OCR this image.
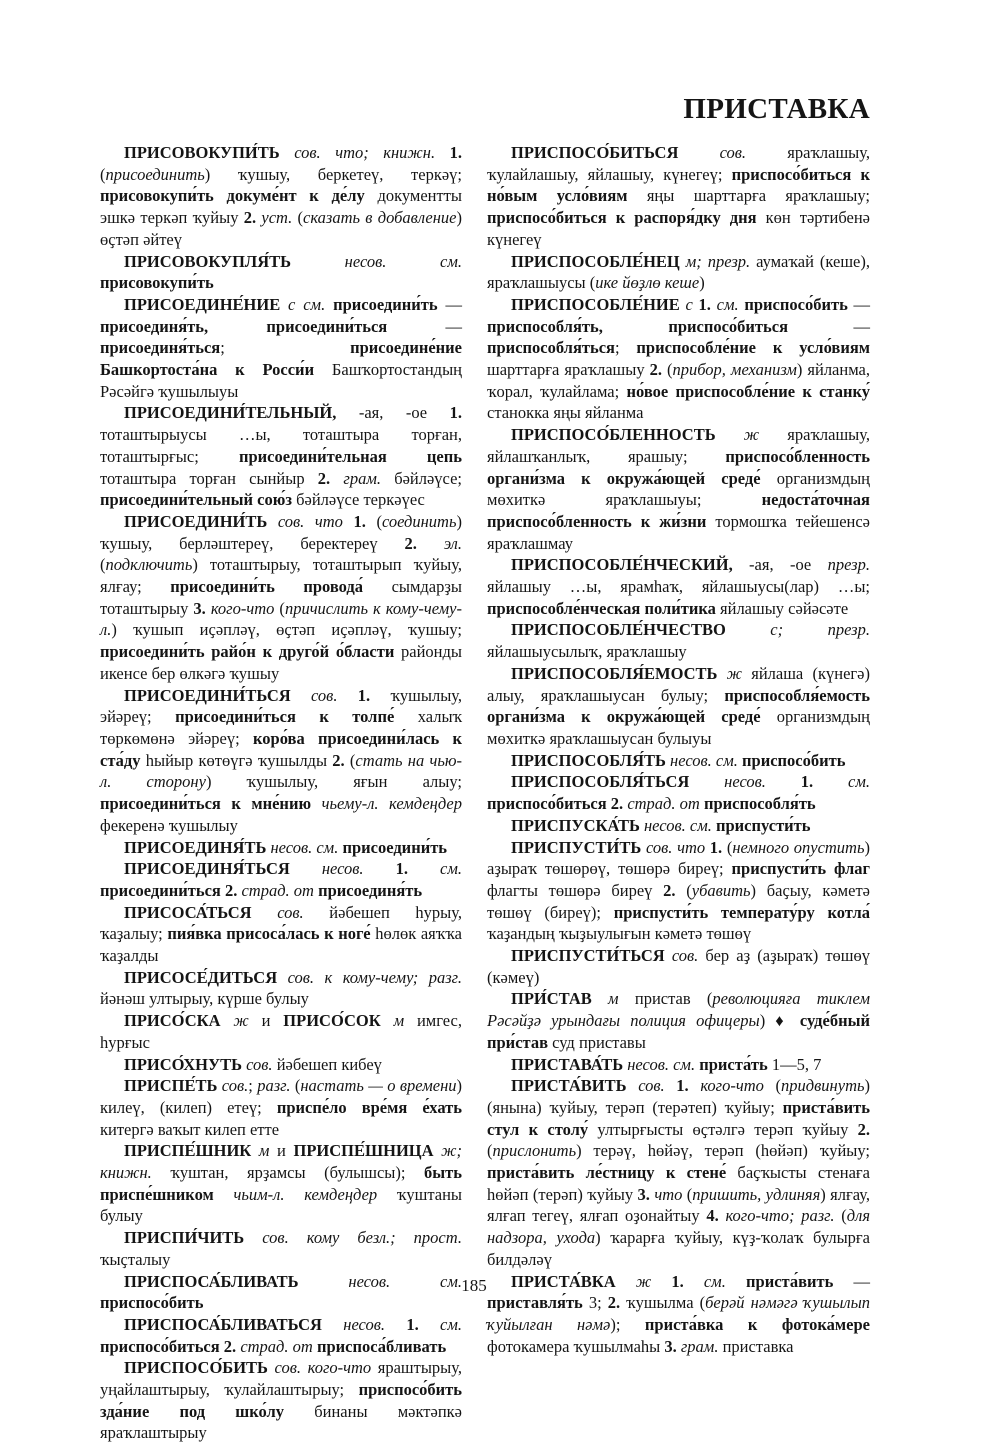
ПРИСТАВКА

ПРИСОВОКУПИ́ТЬ сов. что; книжн. 1. (присоединить) ҡушыу, беркетеү, теркәү; присовокупи́ть докуме́нт к де́лу документты эшкә теркәп ҡуйыу 2. уст. (сказать в добавление) өҫтәп әйтеү

ПРИСОВОКУПЛЯ́ТЬ несов. см. присовокупи́ть

ПРИСОЕДИНЕ́НИЕ с см. присоедини́ть — присоединя́ть, присоедини́ться — присоединя́ться; присоедине́ние Башкортоста́на к Росси́и Башҡортостандың Рәсәйгә ҡушылыуы

ПРИСОЕДИНИ́ТЕЛЬНЫЙ, -ая, -ое 1. тоташтырыусы …ы, тоташтыра торған, тоташтырғыс; присоедини́тельная цепь тоташтыра торған сынйыр 2. грам. бәйләүсе; присоедини́тельный сою́з бәйләүсе теркәүес

ПРИСОЕДИНИ́ТЬ сов. что 1. (соединить) ҡушыу, берләштереү, беректереү 2. эл. (подключить) тоташтырыу, тоташтырып ҡуйыу, ялғау; присоедини́ть провода́ сымдарҙы тоташтырыу 3. кого-что (причислить к кому-чему-л.) ҡушып иҫәпләү, өҫтәп иҫәпләү, ҡушыу; присоедини́ть райо́н к друго́й о́бласти районды икенсе бер өлкәгә ҡушыу

ПРИСОЕДИНИ́ТЬСЯ сов. 1. ҡушылыу, эйәреү; присоедини́ться к толпе́ халыҡ төркөмөнә эйәреү; коро́ва присоедини́лась к ста́ду һыйыр көтөүгә ҡушылды 2. (стать на чью-л. сторону) ҡушылыу, яғын алыу; присоедини́ться к мне́нию чьему-л. кемдеңдер фекеренә ҡушылыу

ПРИСОЕДИНЯ́ТЬ несов. см. присоедини́ть

ПРИСОЕДИНЯ́ТЬСЯ несов. 1. см. присоедини́ться 2. страд. от присоединя́ть

ПРИСОСА́ТЬСЯ сов. йәбешеп һурыу, ҡаҙалыу; пия́вка присоса́лась к ноге́ һөлөк аяҡҡа ҡаҙалды

ПРИСОСЕ́ДИТЬСЯ сов. к кому-чему; разг. йәнәш ултырыу, күрше булыу

ПРИСО́СКА ж и ПРИСО́СОК м имгес, һурғыс

ПРИСО́ХНУТЬ сов. йәбешеп кибеү

ПРИСПЕ́ТЬ сов.; разг. (настать — о времени) килеү, (килеп) етеү; приспе́ло вре́мя е́хать китергә ваҡыт килеп етте

ПРИСПЕ́ШНИК м и ПРИСПЕ́ШНИЦА ж; книжн. ҡуштан, ярҙамсы (булышсы); быть приспе́шником чьим-л. кемдеңдер ҡуштаны булыу

ПРИСПИ́ЧИТЬ сов. кому безл.; прост. ҡыҫталыу

ПРИСПОСА́БЛИВАТЬ несов. см. приспосо́бить

ПРИСПОСА́БЛИВАТЬСЯ несов. 1. см. приспосо́биться 2. страд. от приспоса́бливать

ПРИСПОСО́БИТЬ сов. кого-что яраштырыу, уңайлаштырыу, ҡулайлаштырыу; приспосо́бить зда́ние под шко́лу бинаны мәктәпкә яраҡлаштырыу

ПРИСПОСО́БИТЬСЯ сов. яраҡлашыу, ҡулайлашыу, яйлашыу, күнегеү; приспосо́биться к но́вым усло́виям яңы шарттарға яраҡлашыу; приспосо́биться к распоря́дку дня көн тәртибенә күнегеү

ПРИСПОСОБЛЕ́НЕЦ м; презр. аумаҡай (кеше), яраҡлашыусы (ике йөҙлө кеше)

ПРИСПОСОБЛЕ́НИЕ с 1. см. приспосо́бить — приспособля́ть, приспосо́биться — приспособля́ться; приспособле́ние к усло́виям шарттарға яраҡлашыу 2. (прибор, механизм) яйланма, ҡорал, ҡулайлама; но́вое приспособле́ние к станку́ станокка яңы яйланма

ПРИСПОСО́БЛЕННОСТЬ ж яраҡлашыу, яйлашҡанлыҡ, ярашыу; приспосо́бленность органи́зма к окружа́ющей среде́ организмдың мөхиткә яраҡлашыуы; недоста́точная приспосо́бленность к жи́зни тормошҡа тейешенсә яраҡлашмау

ПРИСПОСОБЛЕ́НЧЕСКИЙ, -ая, -ое презр. яйлашыу …ы, ярамһаҡ, яйлашыусы(лар) …ы; приспособле́нческая поли́тика яйлашыу сәйәсәте

ПРИСПОСОБЛЕ́НЧЕСТВО с; презр. яйлашыусылыҡ, яраҡлашыу

ПРИСПОСОБЛЯ́ЕМОСТЬ ж яйлаша (күнегә) алыу, яраҡлашыусан булыу; приспособля́емость органи́зма к окружа́ющей среде́ организмдың мөхиткә яраҡлашыусан булыуы

ПРИСПОСОБЛЯ́ТЬ несов. см. приспосо́бить

ПРИСПОСОБЛЯ́ТЬСЯ несов. 1. см. приспосо́биться 2. страд. от приспособля́ть

ПРИСПУСКА́ТЬ несов. см. приспусти́ть

ПРИСПУСТИ́ТЬ сов. что 1. (немного опустить) аҙыраҡ төшөрөү, төшөрә биреү; приспусти́ть флаг флагты төшөрә биреү 2. (убавить) баҫыу, кәметә төшөү (биреү); приспусти́ть температу́ру котла́ ҡаҙандың ҡыҙыулығын кәметә төшөү

ПРИСПУСТИ́ТЬСЯ сов. бер аҙ (аҙыраҡ) төшөү (кәмеү)

ПРИ́СТАВ м пристав (революцияға тиклем Рәсәйҙә урындағы полиция офицеры) ♦ суде́бный при́став суд приставы

ПРИСТАВА́ТЬ несов. см. приста́ть 1—5, 7

ПРИСТА́ВИТЬ сов. 1. кого-что (придвинуть) (янына) ҡуйыу, терәп (терәтеп) ҡуйыу; приста́вить стул к столу́ ултырғысты өҫтәлгә терәп ҡуйыу 2. (прислонить) терәү, һөйәү, терәп (һөйәп) ҡуйыу; приста́вить ле́стницу к стене́ баҫҡысты стенаға һөйәп (терәп) ҡуйыу 3. что (пришить, удлиняя) ялғау, ялғап тегеү, ялғап оҙонайтыу 4. кого-что; разг. (для надзора, ухода) ҡарарға ҡуйыу, күҙ-ҡолаҡ булырға билдәләү

ПРИСТА́ВКА ж 1. см. приста́вить — приставля́ть 3; 2. ҡушылма (берәй нәмәгә ҡушылып ҡуйылған нәмә); приста́вка к фотока́мере фотокамера ҡушылмаһы 3. грам. приставка

185
